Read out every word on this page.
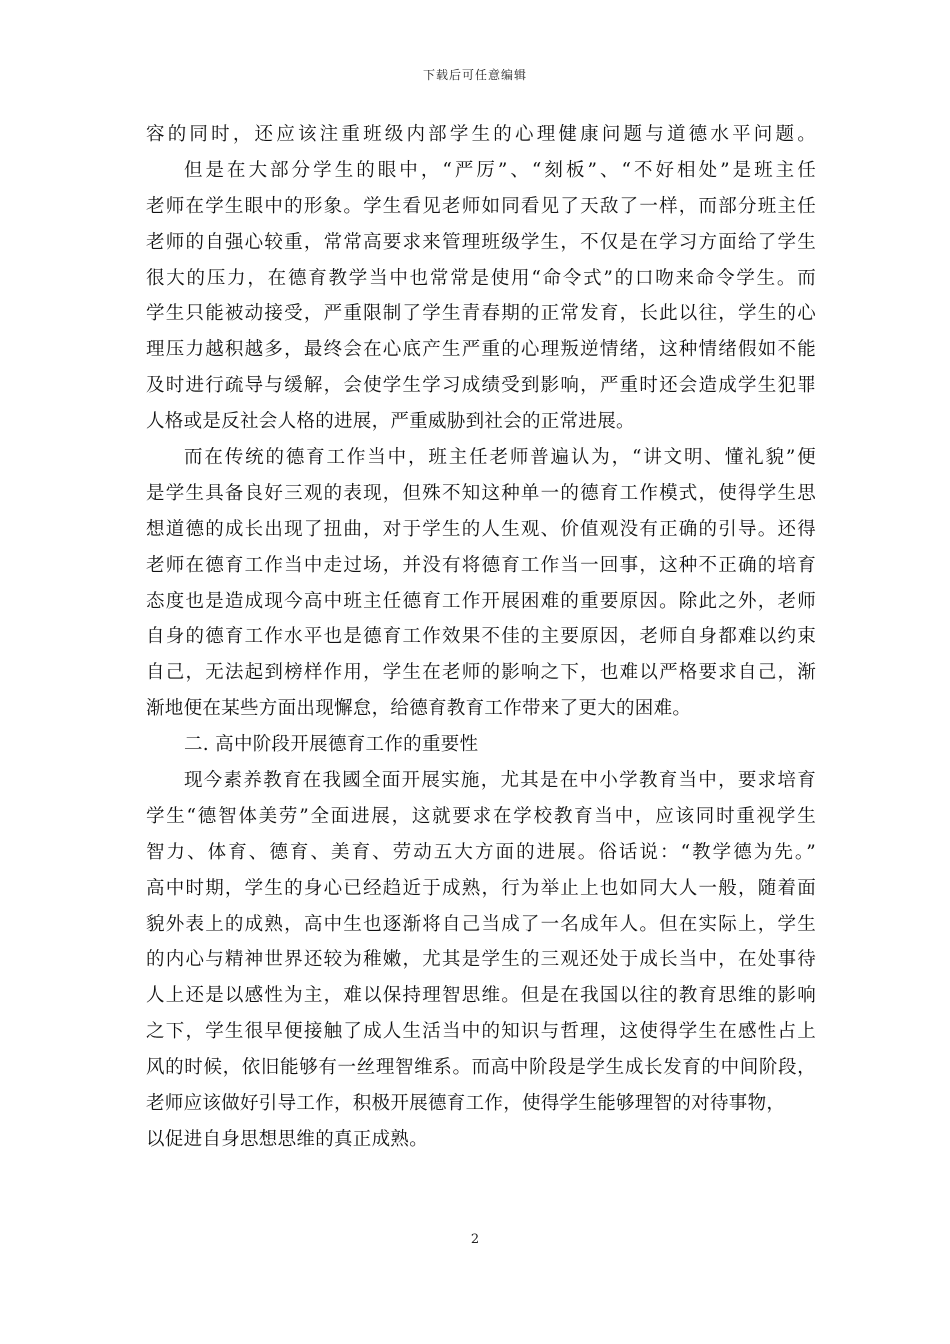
下载后可任意编辑
容的同时，还应该注重班级内部学生的心理健康问题与道德水平问题。
但是在大部分学生的眼中，“严厉”、“刻板”、“不好相处”是班主任
老师在学生眼中的形象。学生看见老师如同看见了天敌了一样，而部分班主任
老师的自强心较重，常常高要求来管理班级学生，不仅是在学习方面给了学生
很大的压力，在德育教学当中也常常是使用“命令式”的口吻来命令学生。而
学生只能被动接受，严重限制了学生青春期的正常发育，长此以往，学生的心
理压力越积越多，最终会在心底产生严重的心理叛逆情绪，这种情绪假如不能
及时进行疏导与缓解，会使学生学习成绩受到影响，严重时还会造成学生犯罪
人格或是反社会人格的进展，严重威胁到社会的正常进展。
而在传统的德育工作当中，班主任老师普遍认为，“讲文明、懂礼貌”便
是学生具备良好三观的表现，但殊不知这种单一的德育工作模式，使得学生思
想道德的成长出现了扭曲，对于学生的人生观、价值观没有正确的引导。还得
老师在德育工作当中走过场，并没有将德育工作当一回事，这种不正确的培育
态度也是造成现今高中班主任德育工作开展困难的重要原因。除此之外，老师
自身的德育工作水平也是德育工作效果不佳的主要原因，老师自身都难以约束
自己，无法起到榜样作用，学生在老师的影响之下，也难以严格要求自己，渐
渐地便在某些方面出现懈怠，给德育教育工作带来了更大的困难。
二. 高中阶段开展德育工作的重要性
现今素养教育在我國全面开展实施，尤其是在中小学教育当中，要求培育
学生“德智体美劳”全面进展，这就要求在学校教育当中，应该同时重视学生
智力、体育、德育、美育、劳动五大方面的进展。俗话说：“教学德为先。”
高中时期，学生的身心已经趋近于成熟，行为举止上也如同大人一般，随着面
貌外表上的成熟，高中生也逐渐将自己当成了一名成年人。但在实际上，学生
的内心与精神世界还较为稚嫩，尤其是学生的三观还处于成长当中，在处事待
人上还是以感性为主，难以保持理智思维。但是在我国以往的教育思维的影响
之下，学生很早便接触了成人生活当中的知识与哲理，这使得学生在感性占上
风的时候，依旧能够有一丝理智维系。而高中阶段是学生成长发育的中间阶段，
老师应该做好引导工作，积极开展德育工作，使得学生能够理智的对待事物，
以促进自身思想思维的真正成熟。
2
